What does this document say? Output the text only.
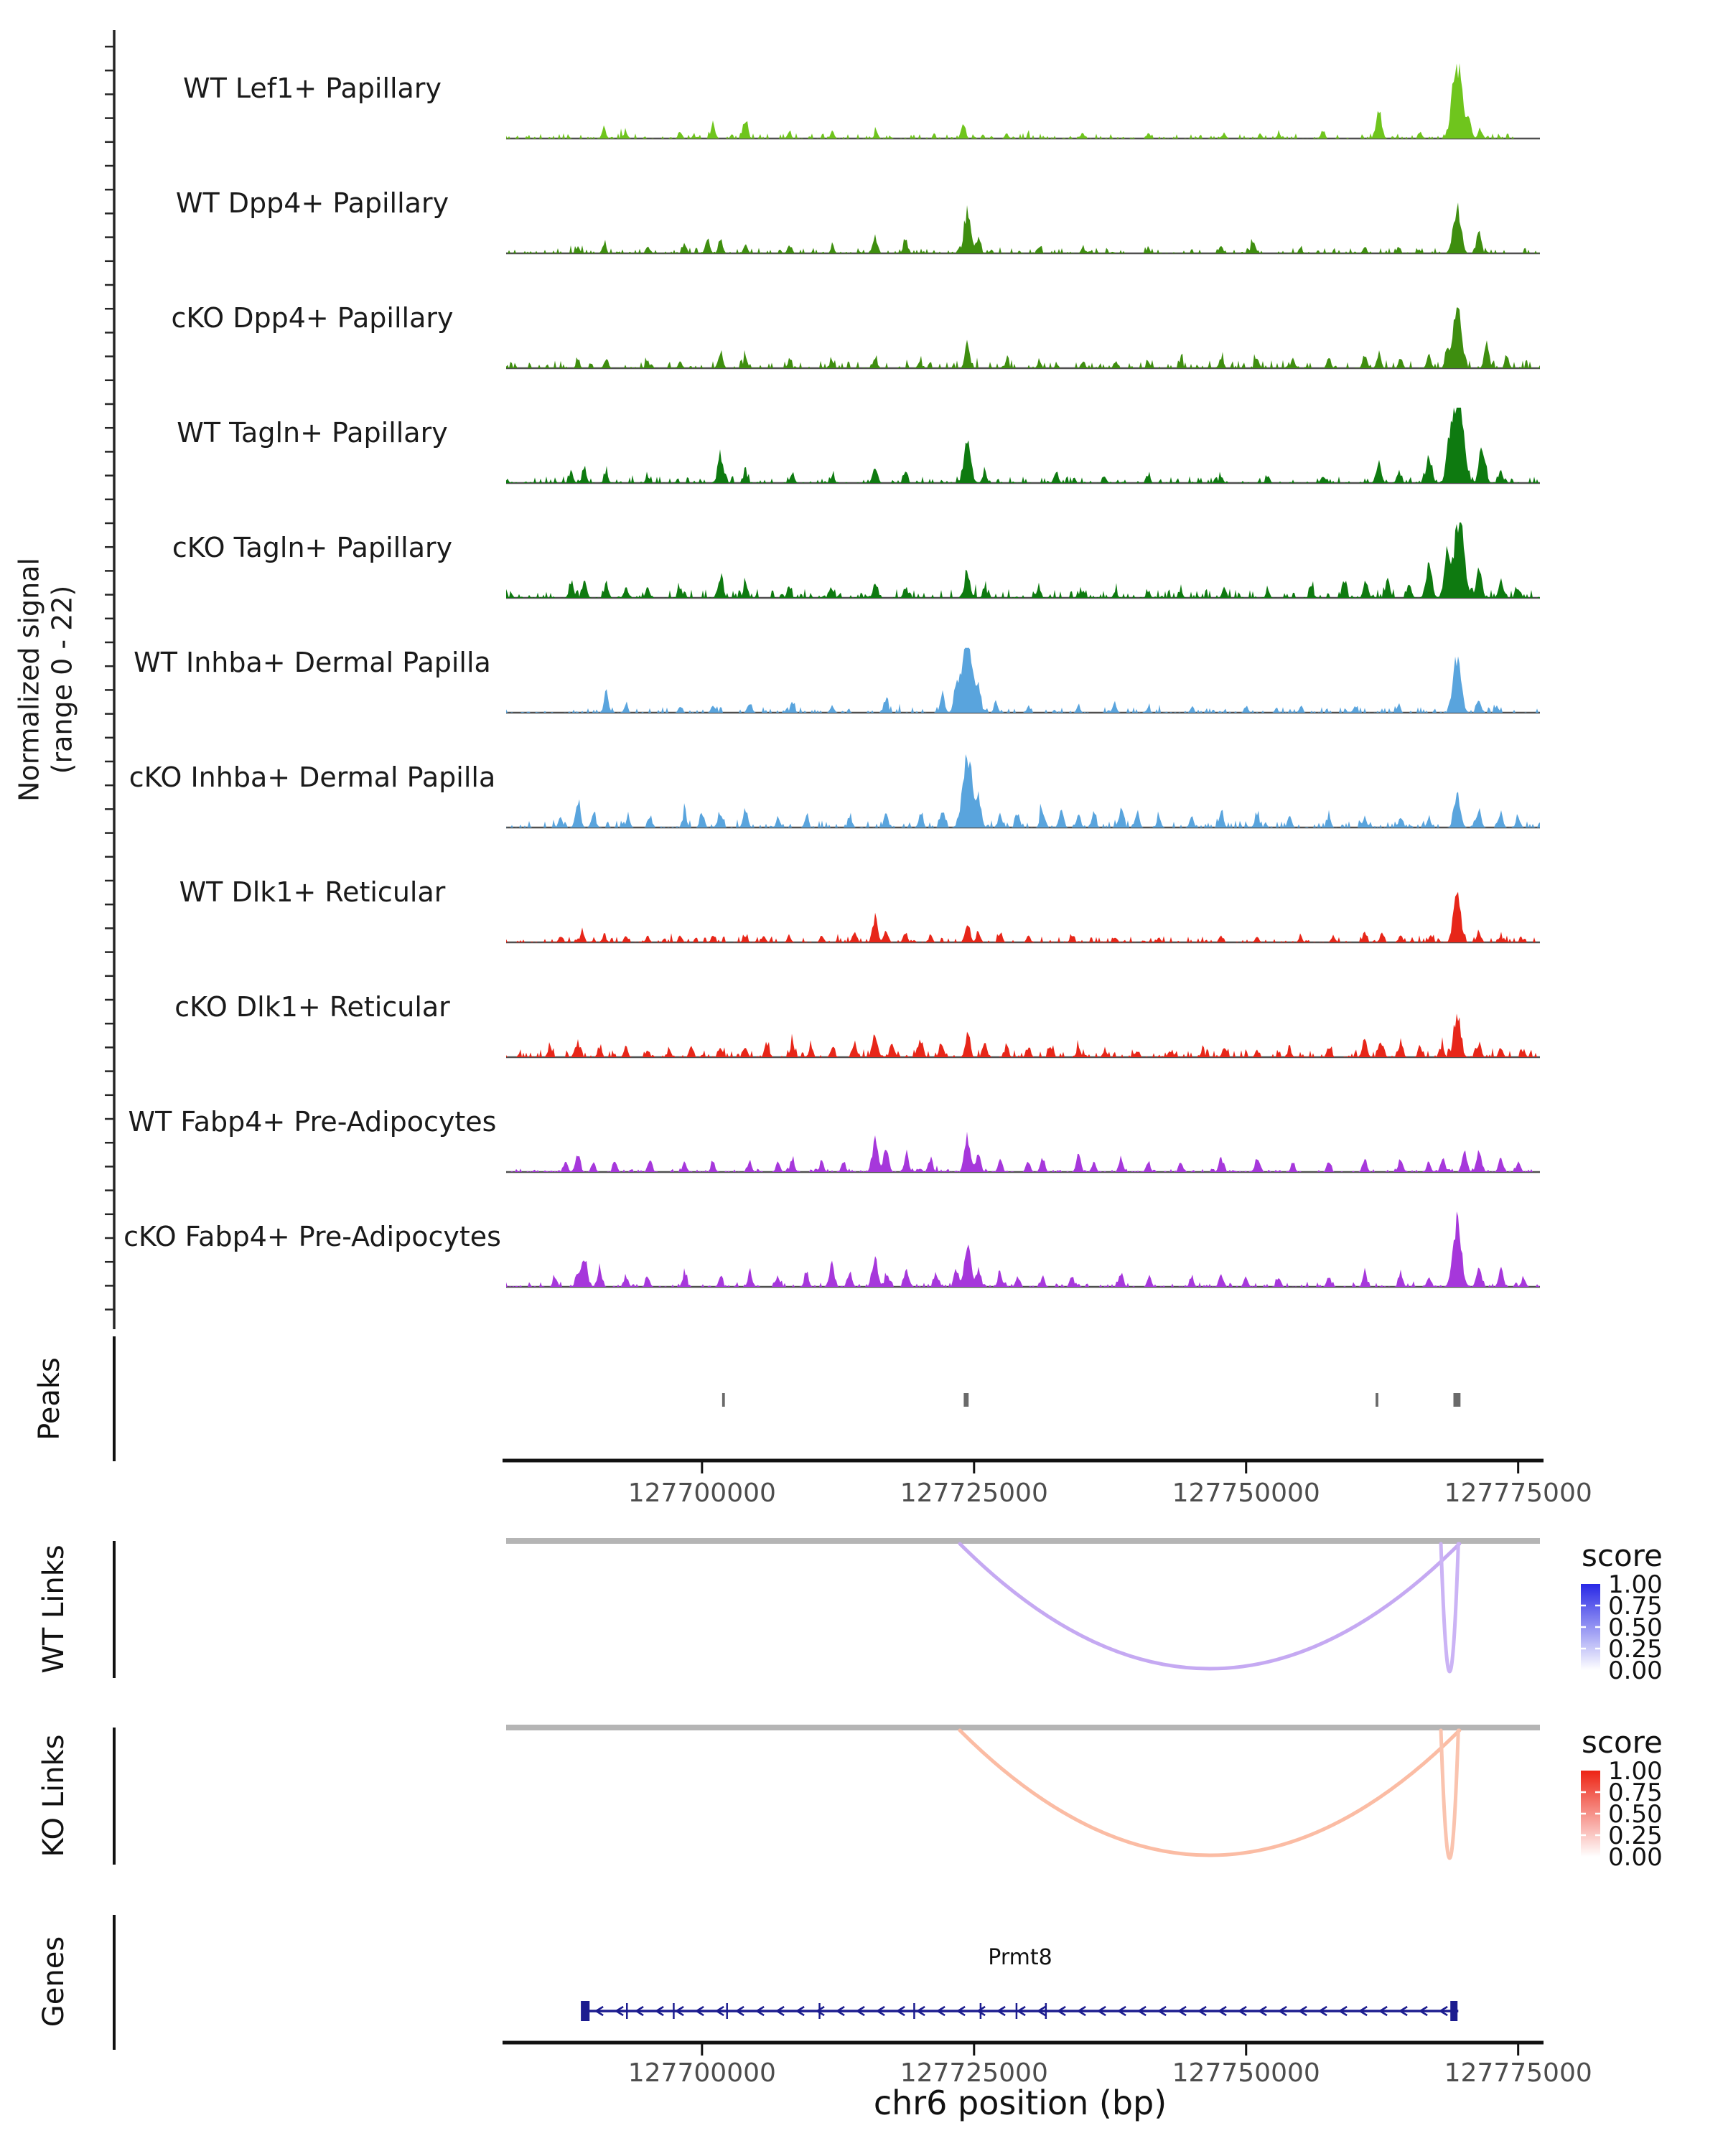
Normalized signal (range 0 - 22)
WT Lef1+ Papillary
WT Dpp4+ Papillary
cKO Dpp4+ Papillary
WT Tagln+ Papillary
cKO Tagln+ Papillary
WT Inhba+ Dermal Papilla
cKO Inhba+ Dermal Papilla
WT Dlk1+ Reticular
cKO Dlk1+ Reticular
WT Fabp4+ Pre-Adipocytes
cKO Fabp4+ Pre-Adipocytes
Peaks
127700000	127725000	127750000	127775000
WT Links	score
1.00
0.75
0.50
0.25
0.00
KO Links	score
1.00
0.75
0.50
0.25
0.00
Genes	Prmt8
127700000	127725000	127750000	127775000
chr6 position (bp)
